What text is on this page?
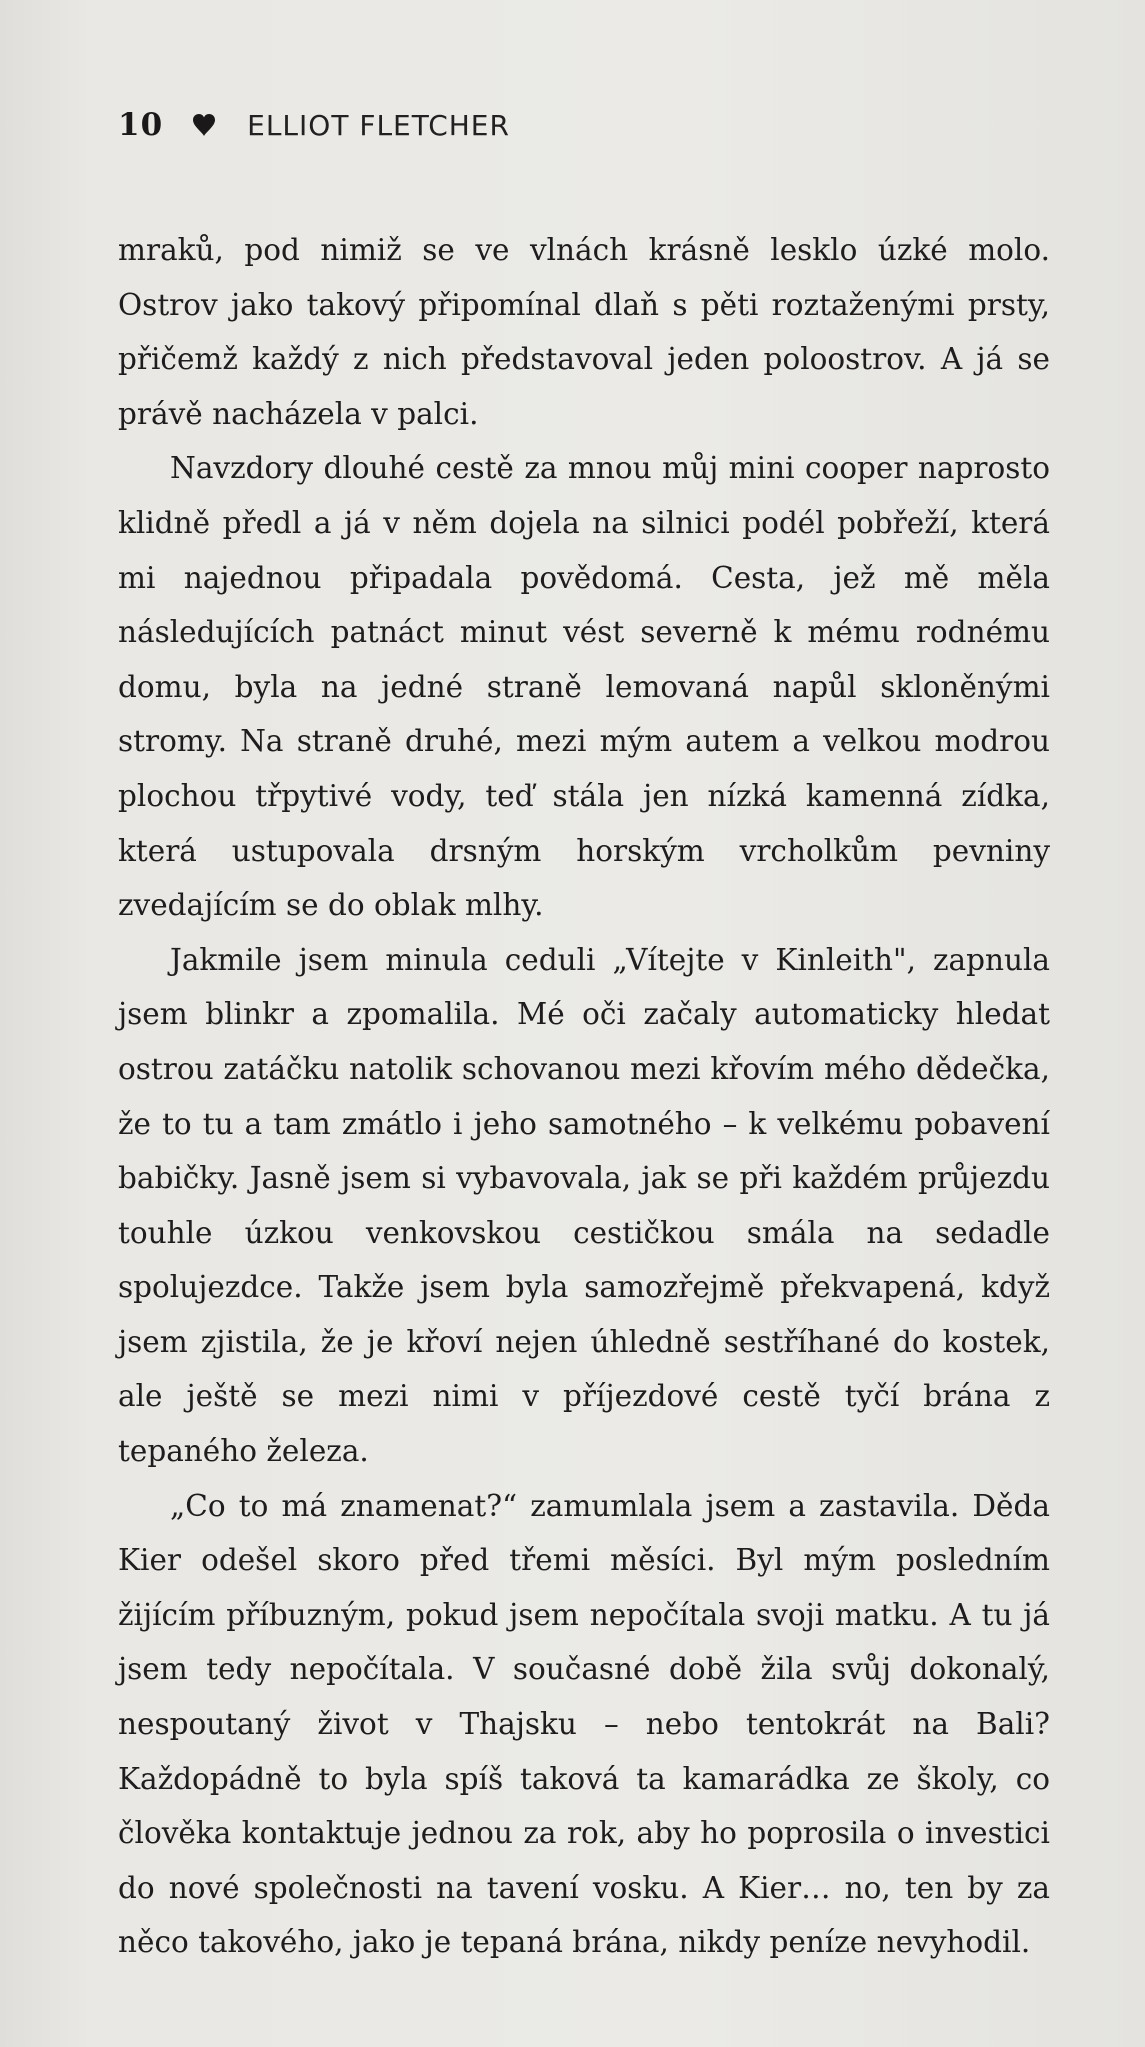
10	ELLIOT FLETCHER

mraků, pod nimiž se ve vlnách krásně lesklo úzké molo. Ostrov jako takový připomínal dlaň s pěti roztaženými prsty, přičemž každý z nich představoval jeden poloostrov. A já se právě nacházela v palci.

Navzdory dlouhé cestě za mnou můj mini cooper naprosto klidně předl a já v něm dojela na silnici podél pobřeží, která mi najednou připadala povědomá. Cesta, jež mě měla následujících patnáct minut vést severně k mému rodnému domu, byla na jedné straně lemovaná napůl skloněnými stromy. Na straně druhé, mezi mým autem a velkou modrou plochou třpytivé vody, teď stála jen nízká kamenná zídka, která ustupovala drsným horským vrcholkům pevniny zvedajícím se do oblak mlhy.

Jakmile jsem minula ceduli „Vítejte v Kinleith", zapnula jsem blinkr a zpomalila. Mé oči začaly automaticky hledat ostrou zatáčku natolik schovanou mezi křovím mého dědečka, že to tu a tam zmátlo i jeho samotného – k velkému pobavení babičky. Jasně jsem si vybavovala, jak se při každém průjezdu touhle úzkou venkovskou cestičkou smála na sedadle spolujezdce. Takže jsem byla samozřejmě překvapená, když jsem zjistila, že je křoví nejen úhledně sestříhané do kostek, ale ještě se mezi nimi v příjezdové cestě tyčí brána z tepaného železa.

„Co to má znamenat?“ zamumlala jsem a zastavila. Děda Kier odešel skoro před třemi měsíci. Byl mým posledním žijícím příbuzným, pokud jsem nepočítala svoji matku. A tu já jsem tedy nepočítala. V současné době žila svůj dokonalý, nespoutaný život v Thajsku – nebo tentokrát na Bali? Každopádně to byla spíš taková ta kamarádka ze školy, co člověka kontaktuje jednou za rok, aby ho poprosila o investici do nové společnosti na tavení vosku. A Kier… no, ten by za něco takového, jako je tepaná brána, nikdy peníze nevyhodil.
